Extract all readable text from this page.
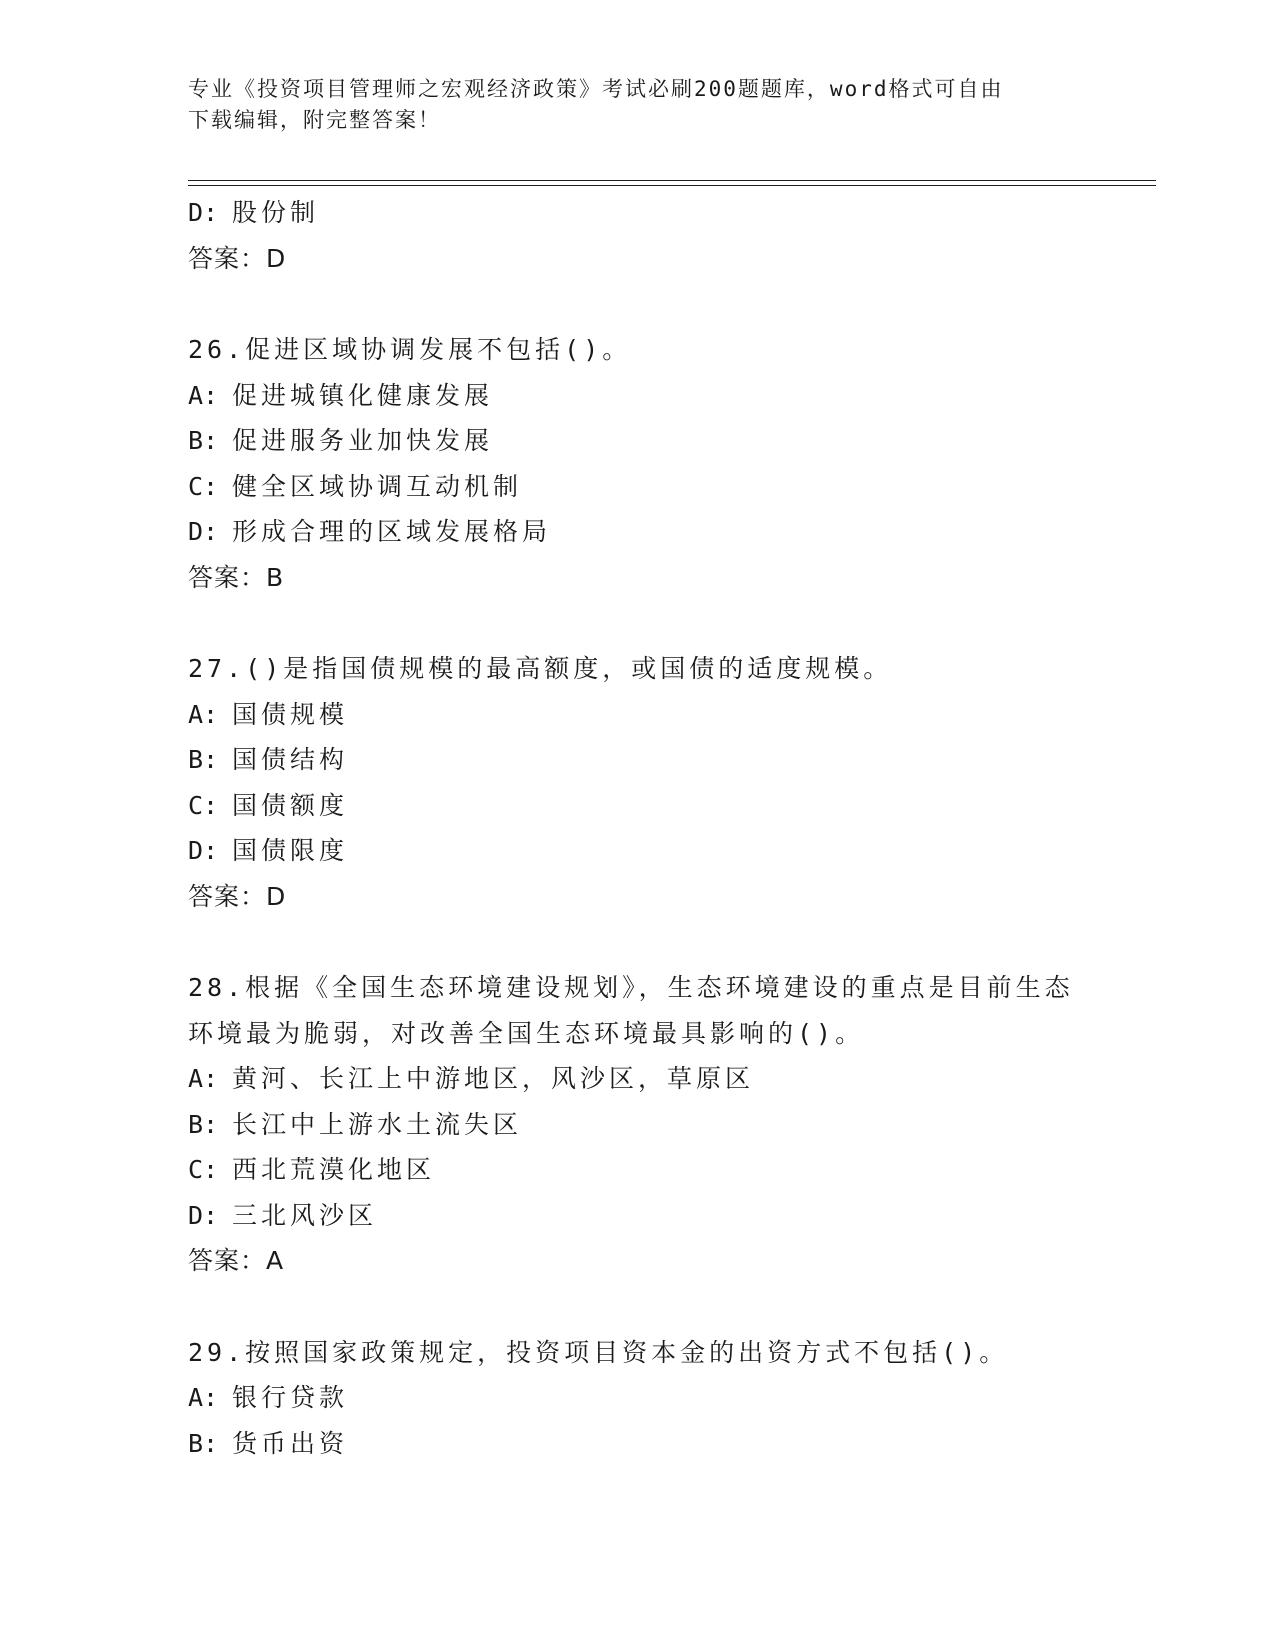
专业《投资项目管理师之宏观经济政策》考试必刷200题题库，word格式可自由
下载编辑，附完整答案！
D: 股份制
答案：D
26.促进区域协调发展不包括()。
A: 促进城镇化健康发展
B: 促进服务业加快发展
C: 健全区域协调互动机制
D: 形成合理的区域发展格局
答案：B
27.()是指国债规模的最高额度，或国债的适度规模。
A: 国债规模
B: 国债结构
C: 国债额度
D: 国债限度
答案：D
28.根据《全国生态环境建设规划》，生态环境建设的重点是目前生态
环境最为脆弱，对改善全国生态环境最具影响的()。
A: 黄河、长江上中游地区，风沙区，草原区
B: 长江中上游水土流失区
C: 西北荒漠化地区
D: 三北风沙区
答案：A
29.按照国家政策规定，投资项目资本金的出资方式不包括()。
A: 银行贷款
B: 货币出资
